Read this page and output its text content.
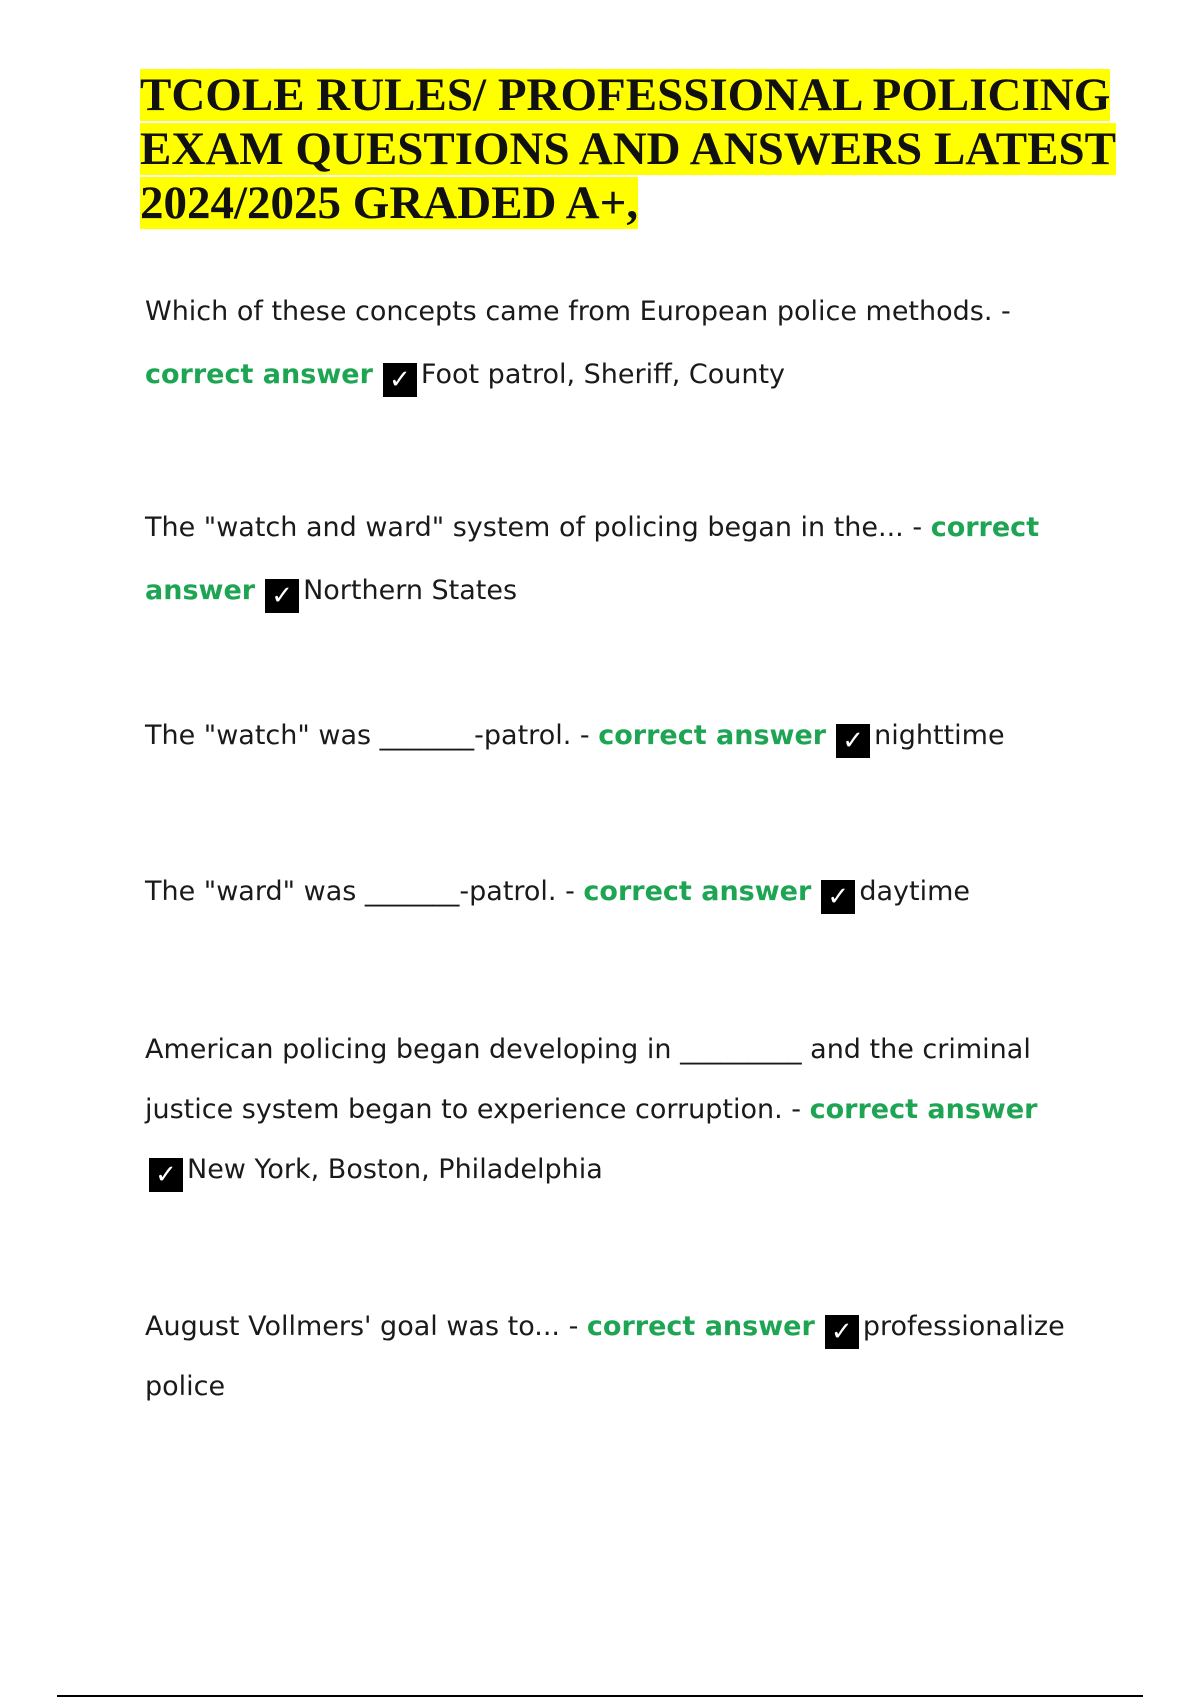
TCOLE RULES/ PROFESSIONAL POLICING EXAM QUESTIONS AND ANSWERS LATEST 2024/2025 GRADED A+,

Which of these concepts came from European police methods. - correct answer ✓ Foot patrol, Sheriff, County

The "watch and ward" system of policing began in the... - correct answer ✓ Northern States

The "watch" was _______-patrol. - correct answer ✓ nighttime

The "ward" was _______-patrol. - correct answer ✓ daytime

American policing began developing in _________ and the criminal justice system began to experience corruption. - correct answer
✓ New York, Boston, Philadelphia

August Vollmers' goal was to... - correct answer ✓ professionalize police
